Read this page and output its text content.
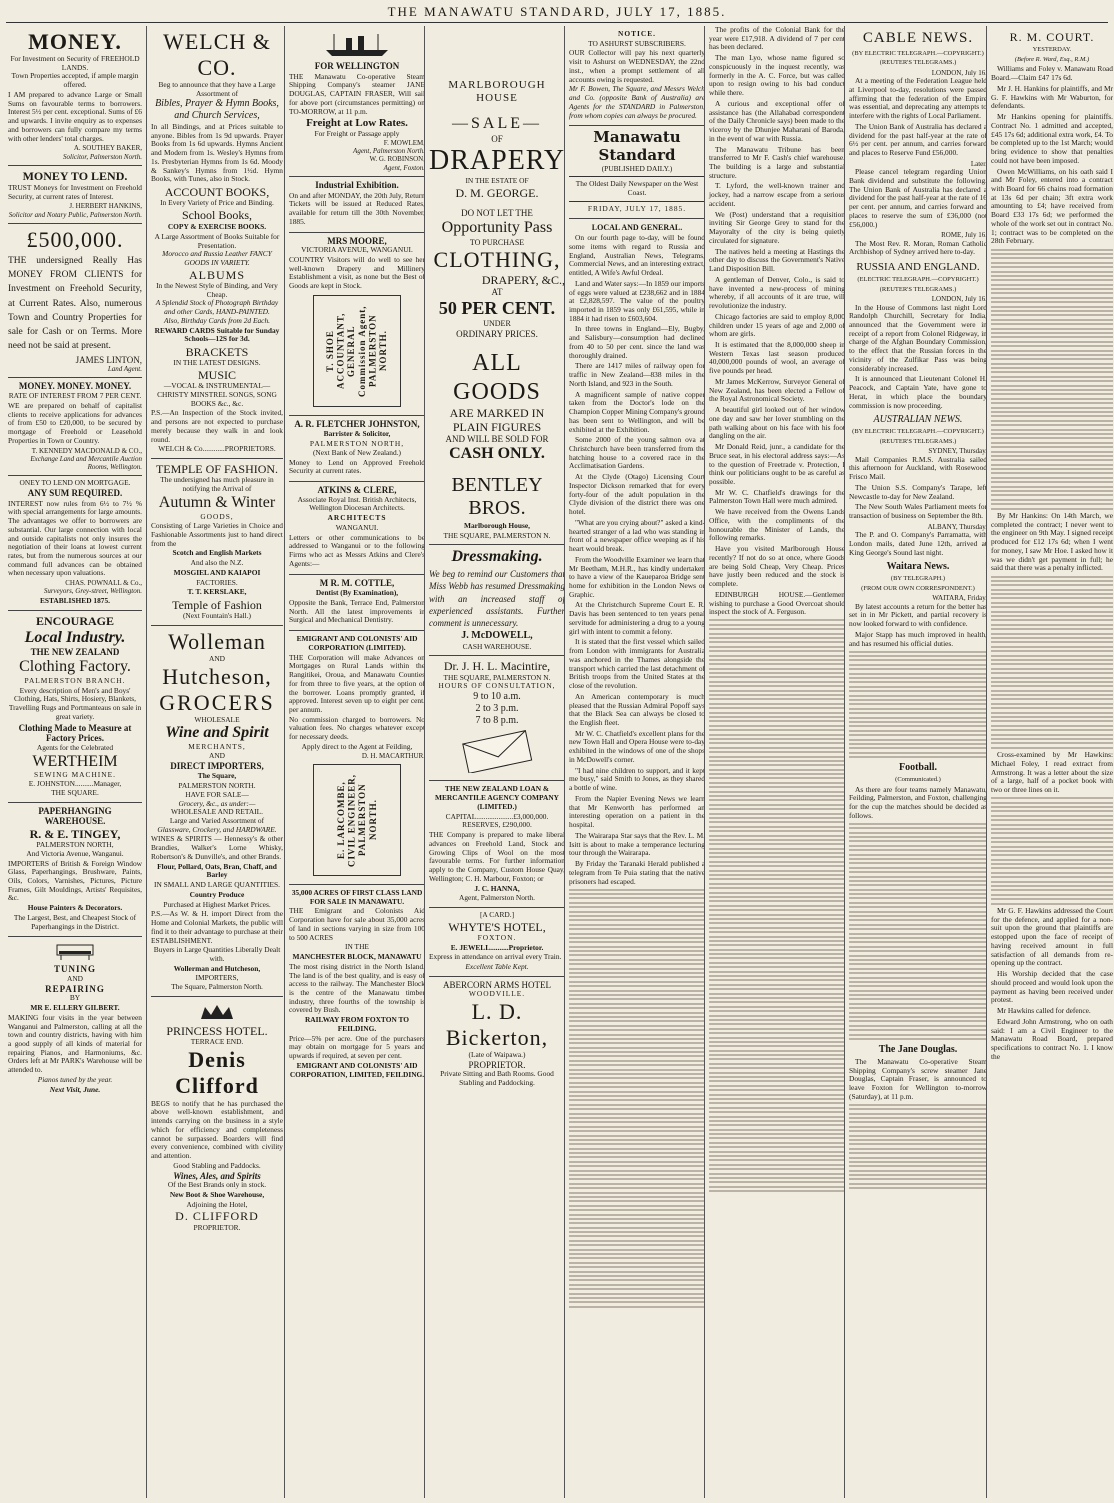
THE MANAWATU STANDARD, JULY 17, 1885.
MONEY.
For Investment on Security of FREEHOLD LANDS.
Town Properties accepted, if ample margin offered.

I AM prepared to advance Large or Small Sums on favourable terms to borrowers. Interest 5½ per cent. exceptional. Sums of £6 and upwards. I invite enquiry as to expenses and borrowers can fully compare my terms with other lenders' total charges.

A. SOUTHEY BAKER,
Solicitor, Palmerston North.
MONEY TO LEND.

TRUST Moneys for Investment on Freehold Security, at current rates of Interest.

J. HERBERT HANKINS,
Solicitor and Notary Public, Palmerston North.
£500,000.

THE undersigned Really Has MONEY FROM CLIENTS for Investment on Freehold Security, at Current Rates. Also, numerous Town and Country Properties for sale for Cash or on Terms. More need not be said at present.

JAMES LINTON,
Land Agent.
MONEY. MONEY. MONEY.
RATE OF INTEREST FROM 7 PER CENT.

WE are prepared on behalf of capitalist clients to receive applications for advances of from £50 to £20,000, to be secured by mortgage of Freehold or Leasehold Properties in Town or Country.

T. KENNEDY MACDONALD & CO.,
Exchange Land and Mercantile Auction Rooms, Wellington.
ONEY TO LEND ON MORTGAGE.
ANY SUM REQUIRED.

INTEREST now rules from 6½ to 7½ % with special arrangements for large amounts. The advantages we offer to borrowers are substantial. Our large connection with local and outside capitalists not only insures the negotiation of their loans at lowest current rates, but from the numerous sources at our command full advances can be obtained when necessary upon valuations.

CHAS. POWNALL & Co.,
Surveyors, Grey-street, Wellington.
ESTABLISHED 1875.
ENCOURAGE
Local Industry.
THE NEW ZEALAND
Clothing Factory.
PALMERSTON BRANCH.

Every description of Men's and Boys' Clothing, Hats, Shirts, Hosiery, Blankets, Travelling Rugs and Portmanteaus on sale in great variety.

Clothing Made to Measure at Factory Prices.
Agents for the Celebrated
WERTHEIM
SEWING MACHINE.
E. JOHNSTON..........Manager,
THE SQUARE.
PAPERHANGING
WAREHOUSE.
R. & E. TINGEY,
PALMERSTON NORTH,
And Victoria Avenue, Wanganui.

IMPORTERS of British & Foreign Window Glass, Paperhangings, Brushware, Paints, Oils, Colors, Varnishes, Pictures, Picture Frames, Gilt Mouldings, Artists' Requisites, &c.

House Painters & Decorators.

The Largest, Best, and Cheapest Stock of Paperhangings in the District.

TUNING
AND
REPAIRING
BY
MR E. ELLERY GILBERT.

MAKING four visits in the year between Wanganui and Palmerston, calling at all the town and country districts, having with him a good supply of all kinds of material for repairing Pianos, and Harmoniums, &c. Orders left at Mr PARK's Warehouse will be attended to.

Pianos tuned by the year.
Next Visit, June.
WELCH & CO.
Beg to announce that they have a Large Assortment of
Bibles, Prayer & Hymn Books, and Church Services,

In all Bindings, and at Prices suitable to anyone. Bibles from 1s 9d upwards. Prayer Books from 1s 6d upwards. Hymns Ancient and Modern from 1s. Wesley's Hymns from 1s. Presbyterian Hymns from 1s 6d. Moody & Sankey's Hymns from 1½d. Hymn Books, with Tunes, also in Stock.

ACCOUNT BOOKS,
In Every Variety of Price and Binding.
School Books,
COPY & EXERCISE BOOKS.
A Large Assortment of Books Suitable for Presentation.
Morocco and Russia Leather FANCY GOODS IN VARIETY.
ALBUMS
In the Newest Style of Binding, and Very Cheap.
A Splendid Stock of Photograph Birthday and other Cards, HAND-PAINTED.
Also, Birthday Cards from 2d Each.
REWARD CARDS Suitable for Sunday Schools—12S for 3d.
BRACKETS
IN THE LATEST DESIGNS.
MUSIC
—VOCAL & INSTRUMENTAL— CHRISTY MINSTREL SONGS, SONG BOOKS &c., &c.

P.S.—An Inspection of the Stock invited, and persons are not expected to purchase merely because they walk in and look round.

WELCH & Co............PROPRIETORS.
TEMPLE OF FASHION.
The undersigned has much pleasure in notifying the Arrival of
Autumn & Winter
GOODS,

Consisting of Large Varieties in Choice and Fashionable Assortments just to hand direct from the

Scotch and English Markets
And also the N.Z.
MOSGIEL AND KAIAPOI
FACTORIES.
T. T. KERSLAKE,
Temple of Fashion
(Next Fountain's Hall.)
Wolleman
AND
Hutcheson,
GROCERS
WHOLESALE
Wine and Spirit
MERCHANTS,
AND
DIRECT IMPORTERS,
The Square,
PALMERSTON NORTH.
HAVE FOR SALE—
Grocery, &c., as under:—
WHOLESALE AND RETAIL.
Large and Varied Assortment of
Glassware, Crockery, and HARDWARE.

WINES & SPIRITS — Hennessy's & other Brandies, Walker's Lorne Whisky, Robertson's & Dunville's, and other Brands.

Flour, Pollard, Oats, Bran, Chaff, and Barley
IN SMALL AND LARGE QUANTITIES.
Country Produce
Purchased at Highest Market Prices.

P.S.—As W. & H. import Direct from the Home and Colonial Markets, the public will find it to their advantage to purchase at their ESTABLISHMENT.

Buyers in Large Quantities Liberally Dealt with.
Wollerman and Hutcheson,
IMPORTERS,
The Square, Palmerston North.
PRINCESS HOTEL.
TERRACE END.
Denis Clifford

BEGS to notify that he has purchased the above well-known establishment, and intends carrying on the business in a style which for efficiency and completeness cannot be surpassed. Boarders will find every convenience, combined with civility and attention.

Good Stabling and Paddocks.
Wines, Ales, and Spirits
Of the Best Brands only in stock.
New Boot & Shoe Warehouse,
Adjoining the Hotel,
D. CLIFFORD
PROPRIETOR.
FOR WELLINGTON

THE Manawatu Co-operative Steam Shipping Company's steamer JANE DOUGLAS, CAPTAIN FRASER, Will sail for above port (circumstances permitting) on TO-MORROW, at 11 p.m.

Freight at Low Rates.
For Freight or Passage apply
F. MOWLEM,
Agent, Palmerston North.
W. G. ROBINSON,
Agent, Foxton.
Industrial Exhibition.

On and after MONDAY, the 20th July, Return Tickets will be issued at Reduced Rates, available for return till the 30th November, 1885.

MRS MOORE,
VICTORIA AVENUE, WANGANUI.

COUNTRY Visitors will do well to see her well-known Drapery and Millinery Establishment a visit, as none but the Best of Goods are kept in Stock.

T. SHOE ACCOUNTANT, GENERAL Commission Agent, PALMERSTON NORTH.
A. R. FLETCHER JOHNSTON,
Barrister & Solicitor,
PALMERSTON NORTH,
(Next Bank of New Zealand.)

Money to Lend on Approved Freehold Security at current rates.

ATKINS & CLERE,
Associate Royal Inst. British Architects, Wellington Diocesan Architects.
ARCHITECTS
WANGANUI.

Letters or other communications to be addressed to Wanganui or to the following Firms who act as Messrs Atkins and Clere's Agents:—

M R. M. COTTLE,
Dentist (By Examination),

Opposite the Bank, Terrace End, Palmerston North. All the latest improvements in Surgical and Mechanical Dentistry.

EMIGRANT AND COLONISTS' AID CORPORATION (LIMITED).

THE Corporation will make Advances on Mortgages on Rural Lands within the Rangitikei, Oroua, and Manawatu Counties for from three to five years, at the option of the borrower. Loans promptly granted, if approved. Interest seven up to eight per cent. per annum.

No commission charged to borrowers. No valuation fees. No charges whatever except for necessary deeds.

Apply direct to the Agent at Feilding,
D. H. MACARTHUR.
E. LARCOMBE, CIVIL ENGINEER, PALMERSTON NORTH.
35,000 ACRES OF FIRST CLASS LAND FOR SALE IN MANAWATU.

THE Emigrant and Colonists Aid Corporation have for sale about 35,000 acres of land in sections varying in size from 100 to 500 ACRES

IN THE
MANCHESTER BLOCK, MANAWATU

The most rising district in the North Island. The land is of the best quality, and is easy of access to the railway. The Manchester Block is the centre of the Manawatu timber industry, three fourths of the township is covered by Bush.

RAILWAY FROM FOXTON TO FEILDING.

Price—5% per acre. One of the purchasers may obtain on mortgage for 5 years and upwards if required, at seven per cent.

EMIGRANT AND COLONISTS' AID CORPORATION, LIMITED, FEILDING.
MARLBOROUGH HOUSE
—SALE—
OF
DRAPERY
IN THE ESTATE OF
D. M. GEORGE.
DO NOT LET THE
Opportunity Pass
TO PURCHASE
CLOTHING,
DRAPERY, &C.,
AT
50 PER CENT.
UNDER
ORDINARY PRICES.
ALL GOODS
ARE MARKED IN
PLAIN FIGURES
AND WILL BE SOLD FOR
CASH ONLY.
BENTLEY BROS.
Marlborough House,
THE SQUARE, PALMERSTON N.
Dressmaking.

We beg to remind our Customers that Miss Webb has resumed Dressmaking with an increased staff of experienced assistants. Further comment is unnecessary.

J. McDOWELL,
CASH WAREHOUSE.
Dr. J. H. L. Macintire,
THE SQUARE, PALMERSTON N.
HOURS OF CONSULTATION,
9 to 10 a.m.
2 to 3 p.m.
7 to 8 p.m.
THE NEW ZEALAND LOAN & MERCANTILE AGENCY COMPANY (LIMITED.)
CAPITAL....................£3,000,000.
RESERVES, £290,000.

THE Company is prepared to make liberal advances on Freehold Land, Stock and Growing Clips of Wool on the most favourable terms. For further information apply to the Company, Custom House Quay, Wellington; C. H. Marbour, Foxton; or

J. C. HANNA,
Agent, Palmerston North.
[A CARD.]
WHYTE'S HOTEL,
FOXTON.
E. JEWELL..........Proprietor.

Express in attendance on arrival every Train.

Excellent Table Kept.
ABERCORN ARMS HOTEL
WOODVILLE.
L. D. Bickerton,
(Late of Waipawa.)
PROPRIETOR.
Private Sitting and Bath Rooms. Good Stabling and Paddocking.
NOTICE.
TO ASHURST SUBSCRIBERS.

OUR Collector will pay his next quarterly visit to Ashurst on WEDNESDAY, the 22nd inst., when a prompt settlement of all accounts owing is requested.

Mr F. Bowen, The Square, and Messrs Welch and Co. (opposite Bank of Australia) are Agents for the STANDARD in Palmerston, from whom copies can always be procured.

Manawatu Standard
(PUBLISHED DAILY.)
The Oldest Daily Newspaper on the West Coast.
FRIDAY, JULY 17, 1885.
LOCAL AND GENERAL.

On our fourth page to-day, will be found some items with regard to Russia and England, Australian News, Telegrams, Commercial News, and an interesting extract, entitled, A Wife's Awful Ordeal.

Land and Water says:—In 1859 our imports of eggs were valued at £238,662 and in 1884 at £2,828,597. The value of the poultry imported in 1859 was only £61,595, while in 1884 it had risen to £603,604.

In three towns in England—Ely, Bugby, and Salisbury—consumption had declined from 40 to 50 per cent. since the land was thoroughly drained.

There are 1417 miles of railway open for traffic in New Zealand—838 miles in the North Island, and 923 in the South.

A magnificent sample of native copper taken from the Doctor's lode on the Champion Copper Mining Company's ground has been sent to Wellington, and will be exhibited at the Exhibition.

Some 2000 of the young salmon ova at Christchurch have been transferred from the hatching house to a covered race in the Acclimatisation Gardens.

At the Clyde (Otago) Licensing Court Inspector Dickson remarked that for every forty-four of the adult population in the Clyde division of the district there was one hotel.

"What are you crying about?" asked a kind-hearted stranger of a lad who was standing in front of a newspaper office weeping as if his heart would break.

From the Woodville Examiner we learn that Mr Beetham, M.H.R., has kindly undertaken to have a view of the Kaueparoa Bridge sent home for exhibition in the London News or Graphic.

At the Christchurch Supreme Court E. R. Davis has been sentenced to ten years penal servitude for administering a drug to a young girl with intent to commit a felony.

It is stated that the first vessel which sailed from London with immigrants for Australia was anchored in the Thames alongside the transport which carried the last detachment of British troops from the United States at the close of the revolution.

An American contemporary is much pleased that the Russian Admiral Popoff says that the Black Sea can always be closed to the English fleet.

Mr W. C. Chatfield's excellent plans for the new Town Hall and Opera House were to-day exhibited in the windows of one of the shops in McDowell's corner.

"I had nine children to support, and it kept me busy," said Smith to Jones, as they shared a bottle of wine.

From the Napier Evening News we learn that Mr Kenworth has performed an interesting operation on a patient in the hospital.

The Wairarapa Star says that the Rev. L. M. Isitt is about to make a temperance lecturing tour through the Wairarapa.

By Friday the Taranaki Herald published a telegram from Te Puia stating that the native prisoners had escaped.

The profits of the Colonial Bank for the year were £17,918. A dividend of 7 per cent has been declared.

The man Lyo, whose name figured so conspicuously in the inquest recently, was formerly in the A. C. Force, but was called upon to resign owing to his bad conduct while there.

A curious and exceptional offer of assistance has (the Allahabad correspondent of the Daily Chronicle says) been made to the viceroy by the Dhunjee Maharani of Baroda, in the event of war with Russia.

The Manawatu Tribune has been transferred to Mr F. Cash's chief warehouse. The building is a large and substantial structure.

T. Lyford, the well-known trainer and jockey, had a narrow escape from a serious accident.

We (Post) understand that a requisition inviting Sir George Grey to stand for the Mayoralty of the city is being quietly circulated for signature.

The natives held a meeting at Hastings the other day to discuss the Government's Native Land Disposition Bill.

A gentleman of Denver, Colo., is said to have invented a new-process of mining whereby, if all accounts of it are true, will revolutionize the industry.

Chicago factories are said to employ 8,000 children under 15 years of age and 2,000 of whom are girls.

It is estimated that the 8,000,000 sheep in Western Texas last season produced 40,000,000 pounds of wool, an average of five pounds per head.

Mr James McKerrow, Surveyor General of New Zealand, has been elected a Fellow of the Royal Astronomical Society.

A beautiful girl looked out of her window one day and saw her lover stumbling on the path walking about on his face with his foot dangling on the air.

Mr Donald Reid, junr., a candidate for the Bruce seat, in his electoral address says:—As to the question of Freetrade v. Protection, I think our politicians ought to be as careful as possible.

Mr W. C. Chatfield's drawings for the Palmerston Town Hall were much admired.

We have received from the Owens Lands Office, with the compliments of the honourable the Minister of Lands, the following remarks.

Have you visited Marlborough House recently? If not do so at once, where Goods are being Sold Cheap, Very Cheap. Prices have justly been reduced and the stock is complete.

EDINBURGH HOUSE.—Gentlemen wishing to purchase a Good Overcoat should inspect the stock of A. Ferguson.

CABLE NEWS.
(BY ELECTRIC TELEGRAPH.—COPYRIGHT.)
(REUTER'S TELEGRAMS.)
LONDON, July 16.

At a meeting of the Federation League held at Liverpool to-day, resolutions were passed affirming that the federation of the Empire was essential, and deprecating any attempts to interfere with the rights of Local Parliament.

The Union Bank of Australia has declared a dividend for the past half-year at the rate of 6½ per cent. per annum, and carries forward and places to Reserve Fund £56,000.

Later.

Please cancel telegram regarding Union Bank dividend and substitute the following. The Union Bank of Australia has declared a dividend for the past half-year at the rate of 16 per cent. per annum, and carries forward and places to reserve the sum of £36,000 (not £56,000.)

ROME, July 16.

The Most Rev. R. Moran, Roman Catholic Archbishop of Sydney arrived here to-day.

RUSSIA AND ENGLAND.
(ELECTRIC TELEGRAPH.—COPYRIGHT.)
(REUTER'S TELEGRAMS.)
LONDON, July 16.

In the House of Commons last night Lord Randolph Churchill, Secretary for India, announced that the Government were in receipt of a report from Colonel Ridgeway, in charge of the Afghan Boundary Commission, to the effect that the Russian forces in the vicinity of the Zulfikar Pass was being considerably increased.

It is announced that Lieutenant Colonel H. Peacock, and Captain Yate, have gone to Herat, in which place the boundary commission is now proceeding.

AUSTRALIAN NEWS.
(BY ELECTRIC TELEGRAPH.—COPYRIGHT.)
(REUTER'S TELEGRAMS.)
SYDNEY, Thursday.

Mail Companies R.M.S. Australia sailed this afternoon for Auckland, with Rosewood Frisco Mail.

The Union S.S. Company's Tarape, left Newcastle to-day for New Zealand.

The New South Wales Parliament meets for transaction of business on September the 8th.

ALBANY, Thursday.

The P. and O. Company's Parramatta, with London mails, dated June 12th, arrived at King George's Sound last night.

Waitara News.
(BY TELEGRAPH.)
(FROM OUR OWN CORRESPONDENT.)
WAITARA, Friday.

By latest accounts a return for the better has set in in Mr Pickett, and partial recovery is now looked forward to with confidence.

Major Stapp has much improved in health, and has resumed his official duties.

Football.
(Communicated.)

As there are four teams namely Manawatu, Feilding, Palmerston, and Foxton, challenging for the cup the matches should be decided as follows.

The Jane Douglas.

The Manawatu Co-operative Steam Shipping Company's screw steamer Jane Douglas, Captain Fraser, is announced to leave Foxton for Wellington to-morrow (Saturday), at 11 p.m.

R. M. COURT.
YESTERDAY.
(Before R. Ward, Esq., R.M.)

Williams and Foley v. Manawatu Road Board.—Claim £47 17s 6d.

Mr J. H. Hankins for plaintiffs, and Mr G. F. Hawkins with Mr Waburton, for defendants.

Mr Hankins opening for plaintiffs. Contract No. 1 admitted and accepted, £45 17s 6d; additional extra work, £4. To be completed up to the 1st March; would bring evidence to show that penalties could not have been imposed.

Owen McWilliams, on his oath said I and Mr Foley, entered into a contract with Board for 66 chains road formation at 13s 6d per chain; 3ft extra work amounting to £4; have received from Board £33 17s 6d; we performed the whole of the work set out in contract No. 1; contract was to be completed on the 28th February.

By Mr Hankins: On 14th March, we completed the contract; I never went to the engineer on 9th May. I signed receipt produced for £12 17s 6d; when I went for money, I saw Mr Hoe. I asked how it was we didn't get payment in full; he said that there was a penalty inflicted.

Cross-examined by Mr Hawkins: Michael Foley, I read extract from Armstrong. It was a letter about the size of a large, half of a pocket book with two or three lines on it.

Mr G. F. Hawkins addressed the Court for the defence, and applied for a non-suit upon the ground that plaintiffs are estopped upon the face of receipt of having received amount in full satisfaction of all demands from re-opening up the contract.

His Worship decided that the case should proceed and would look upon the payment as having been received under protest.

Mr Hawkins called for defence.

Edward John Armstrong, who on oath said: I am a Civil Engineer to the Manawatu Road Board, prepared specifications to contract No. 1. I know the
